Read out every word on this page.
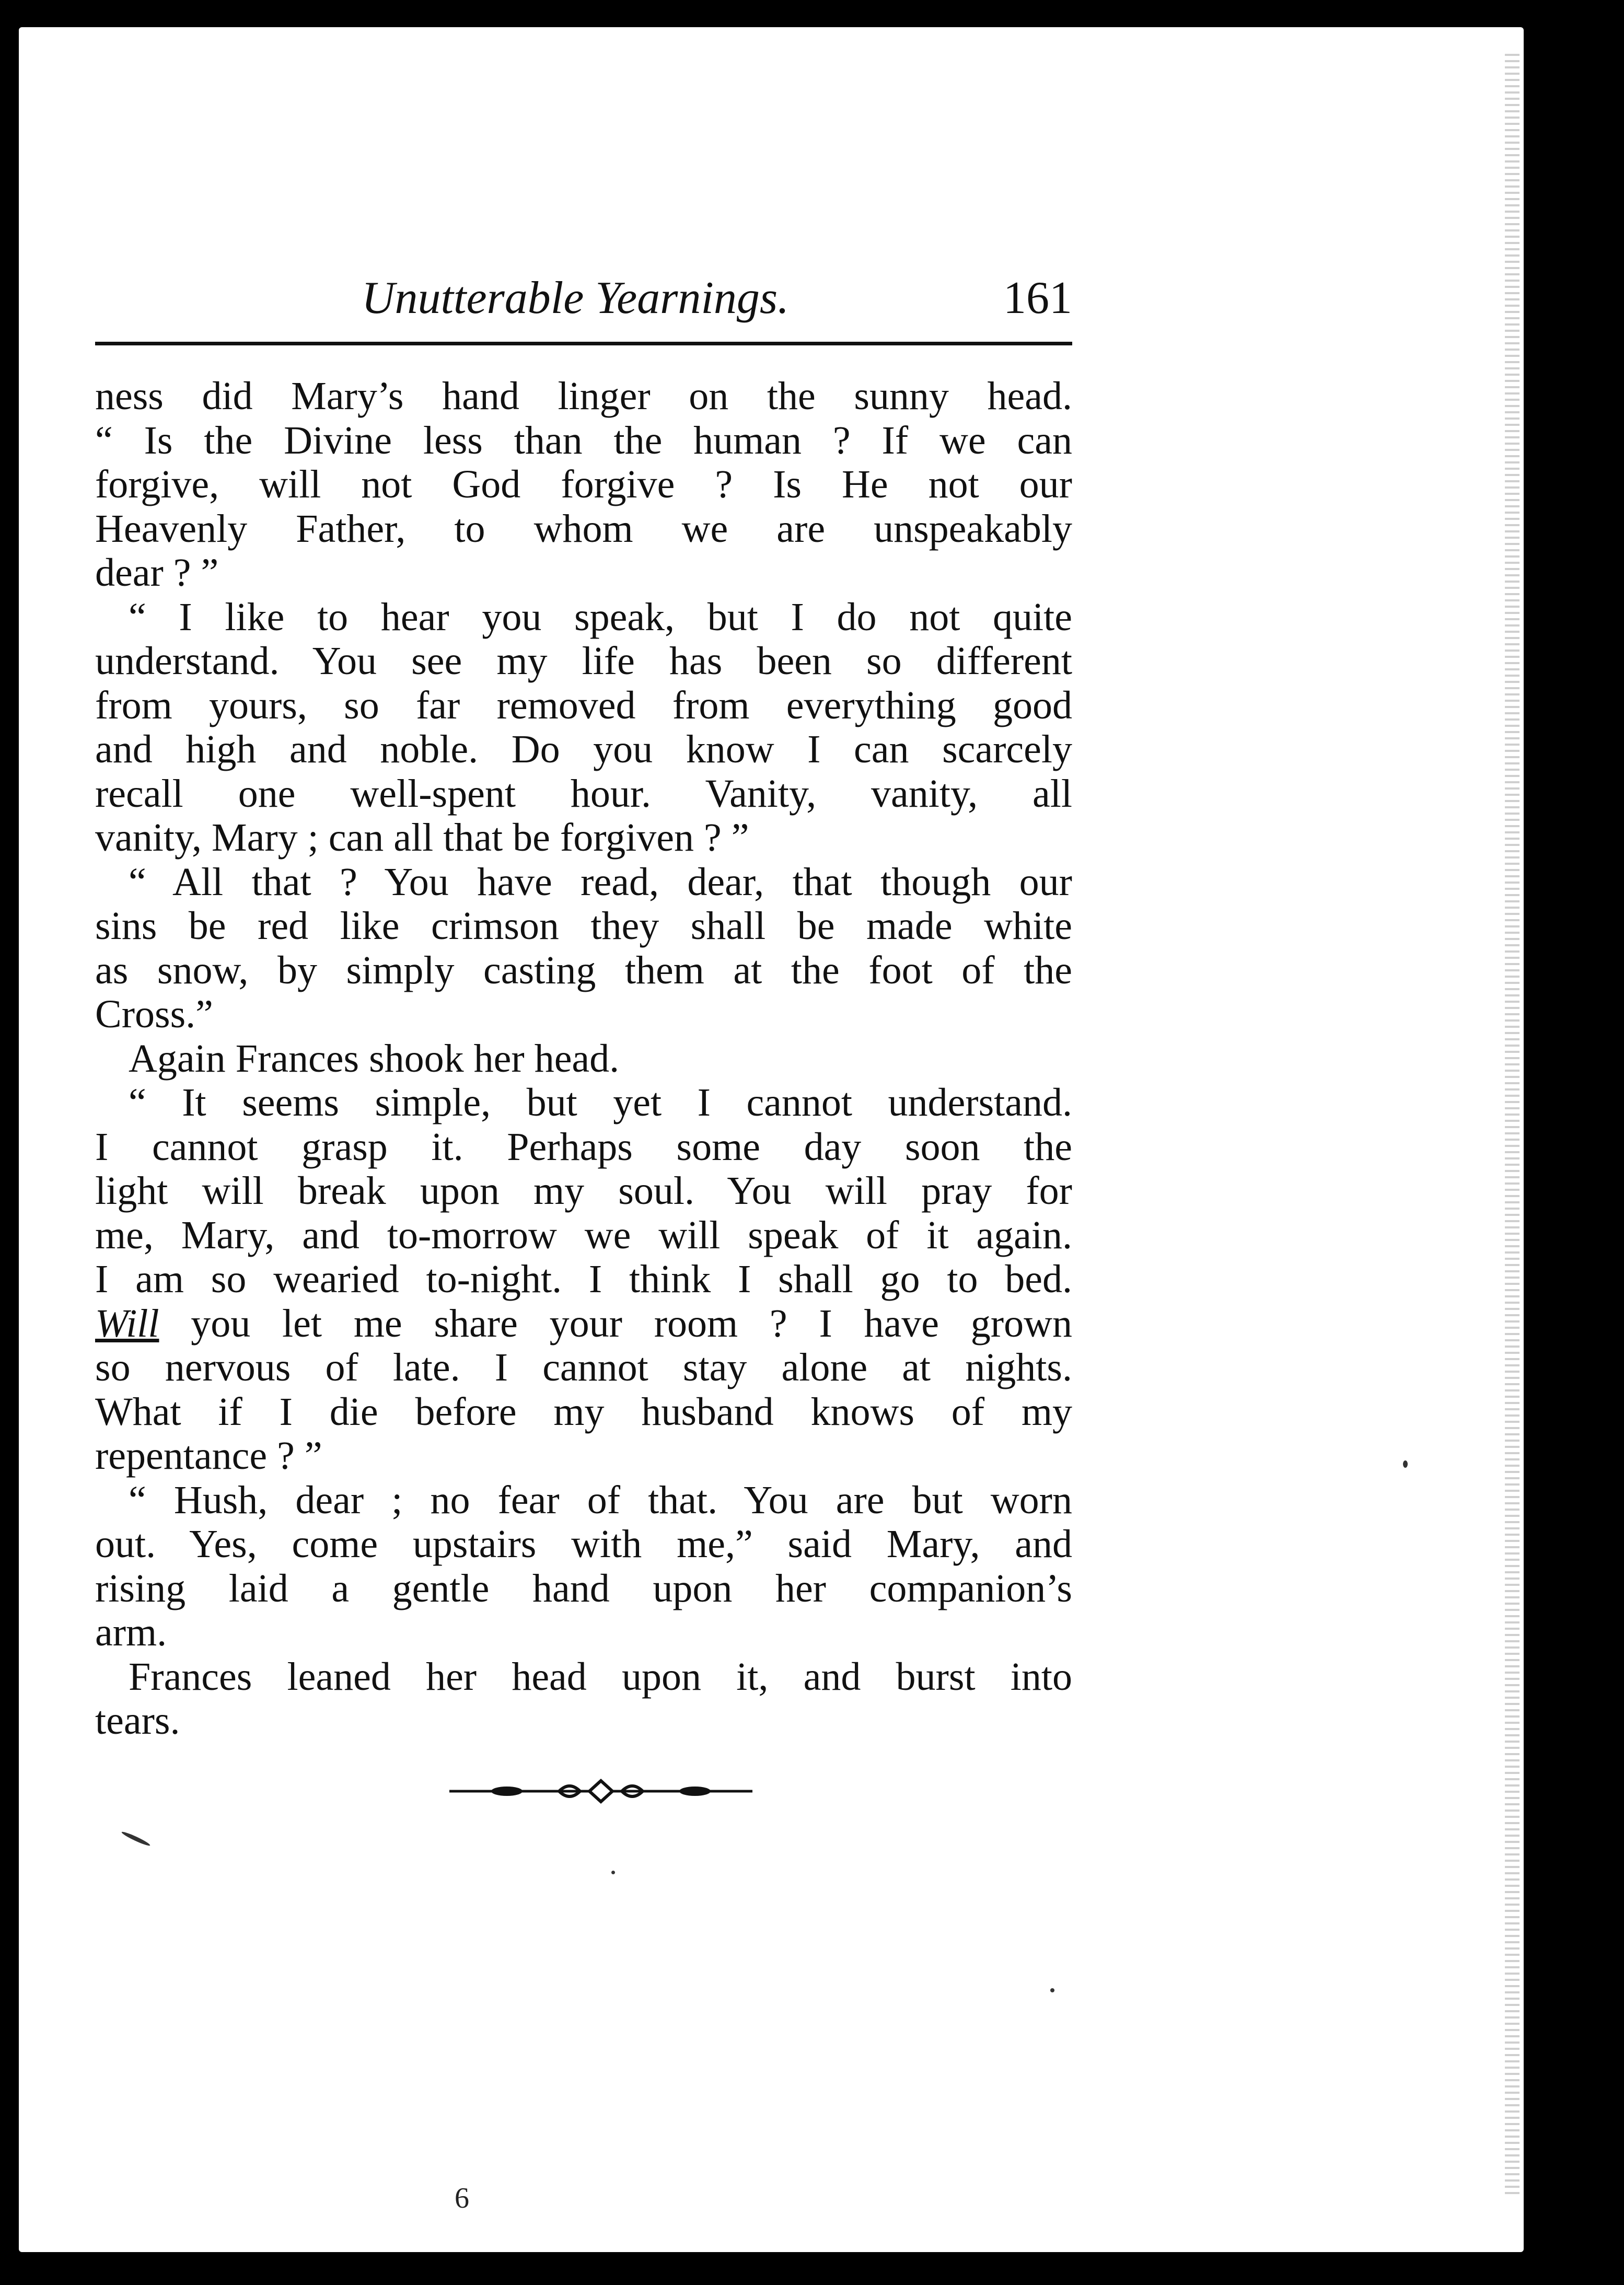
Unutterable Yearnings.	161
ness did Mary’s hand linger on the sunny head.
“ Is the Divine less than the human ? If we can
forgive, will not God forgive ? Is He not our
Heavenly Father, to whom we are unspeakably
dear ? ”
“ I like to hear you speak, but I do not quite
understand. You see my life has been so different
from yours, so far removed from everything good
and high and noble. Do you know I can scarcely
recall one well-spent hour. Vanity, vanity, all
vanity, Mary ; can all that be forgiven ? ”
“ All that ? You have read, dear, that though our
sins be red like crimson they shall be made white
as snow, by simply casting them at the foot of the
Cross.”
Again Frances shook her head.
“ It seems simple, but yet I cannot understand.
I cannot grasp it. Perhaps some day soon the
light will break upon my soul. You will pray for
me, Mary, and to-morrow we will speak of it again.
I am so wearied to-night. I think I shall go to bed.
Will you let me share your room ? I have grown
so nervous of late. I cannot stay alone at nights.
What if I die before my husband knows of my
repentance ? ”
“ Hush, dear ; no fear of that. You are but worn
out. Yes, come upstairs with me,” said Mary, and
rising laid a gentle hand upon her companion’s
arm.
Frances leaned her head upon it, and burst into
tears.
6
